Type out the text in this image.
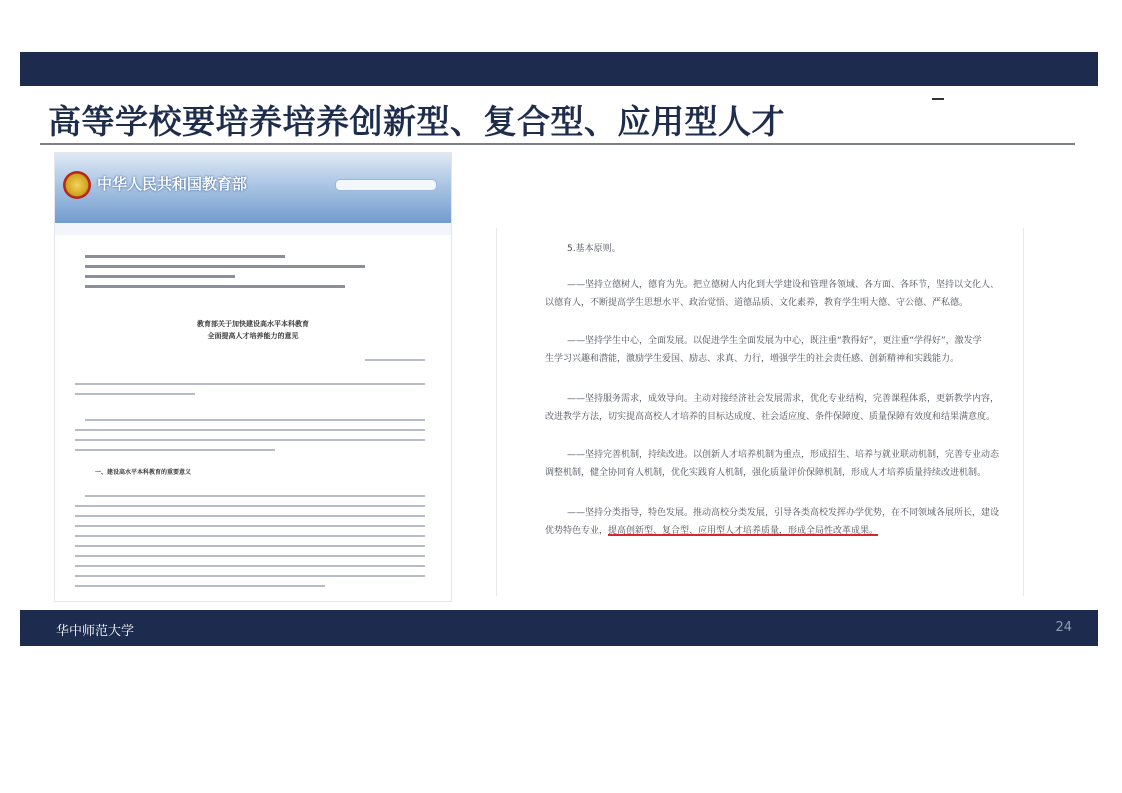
高等学校要培养培养创新型、复合型、应用型人才
中华人民共和国教育部
教育部关于加快建设高水平本科教育
全面提高人才培养能力的意见
一、建设高水平本科教育的重要意义
5.基本原则。
——坚持立德树人，德育为先。把立德树人内化到大学建设和管理各领域、各方面、各环节，坚持以文化人、
以德育人，不断提高学生思想水平、政治觉悟、道德品质、文化素养，教育学生明大德、守公德、严私德。
——坚持学生中心，全面发展。以促进学生全面发展为中心，既注重“教得好”，更注重“学得好”，激发学
生学习兴趣和潜能，激励学生爱国、励志、求真、力行，增强学生的社会责任感、创新精神和实践能力。
——坚持服务需求，成效导向。主动对接经济社会发展需求，优化专业结构，完善课程体系，更新教学内容，
改进教学方法，切实提高高校人才培养的目标达成度、社会适应度、条件保障度、质量保障有效度和结果满意度。
——坚持完善机制，持续改进。以创新人才培养机制为重点，形成招生、培养与就业联动机制，完善专业动态
调整机制，健全协同育人机制，优化实践育人机制，强化质量评价保障机制，形成人才培养质量持续改进机制。
——坚持分类指导，特色发展。推动高校分类发展，引导各类高校发挥办学优势，在不同领域各展所长，建设
优势特色专业，提高创新型、复合型、应用型人才培养质量，形成全局性改革成果。
华中师范大学	24
